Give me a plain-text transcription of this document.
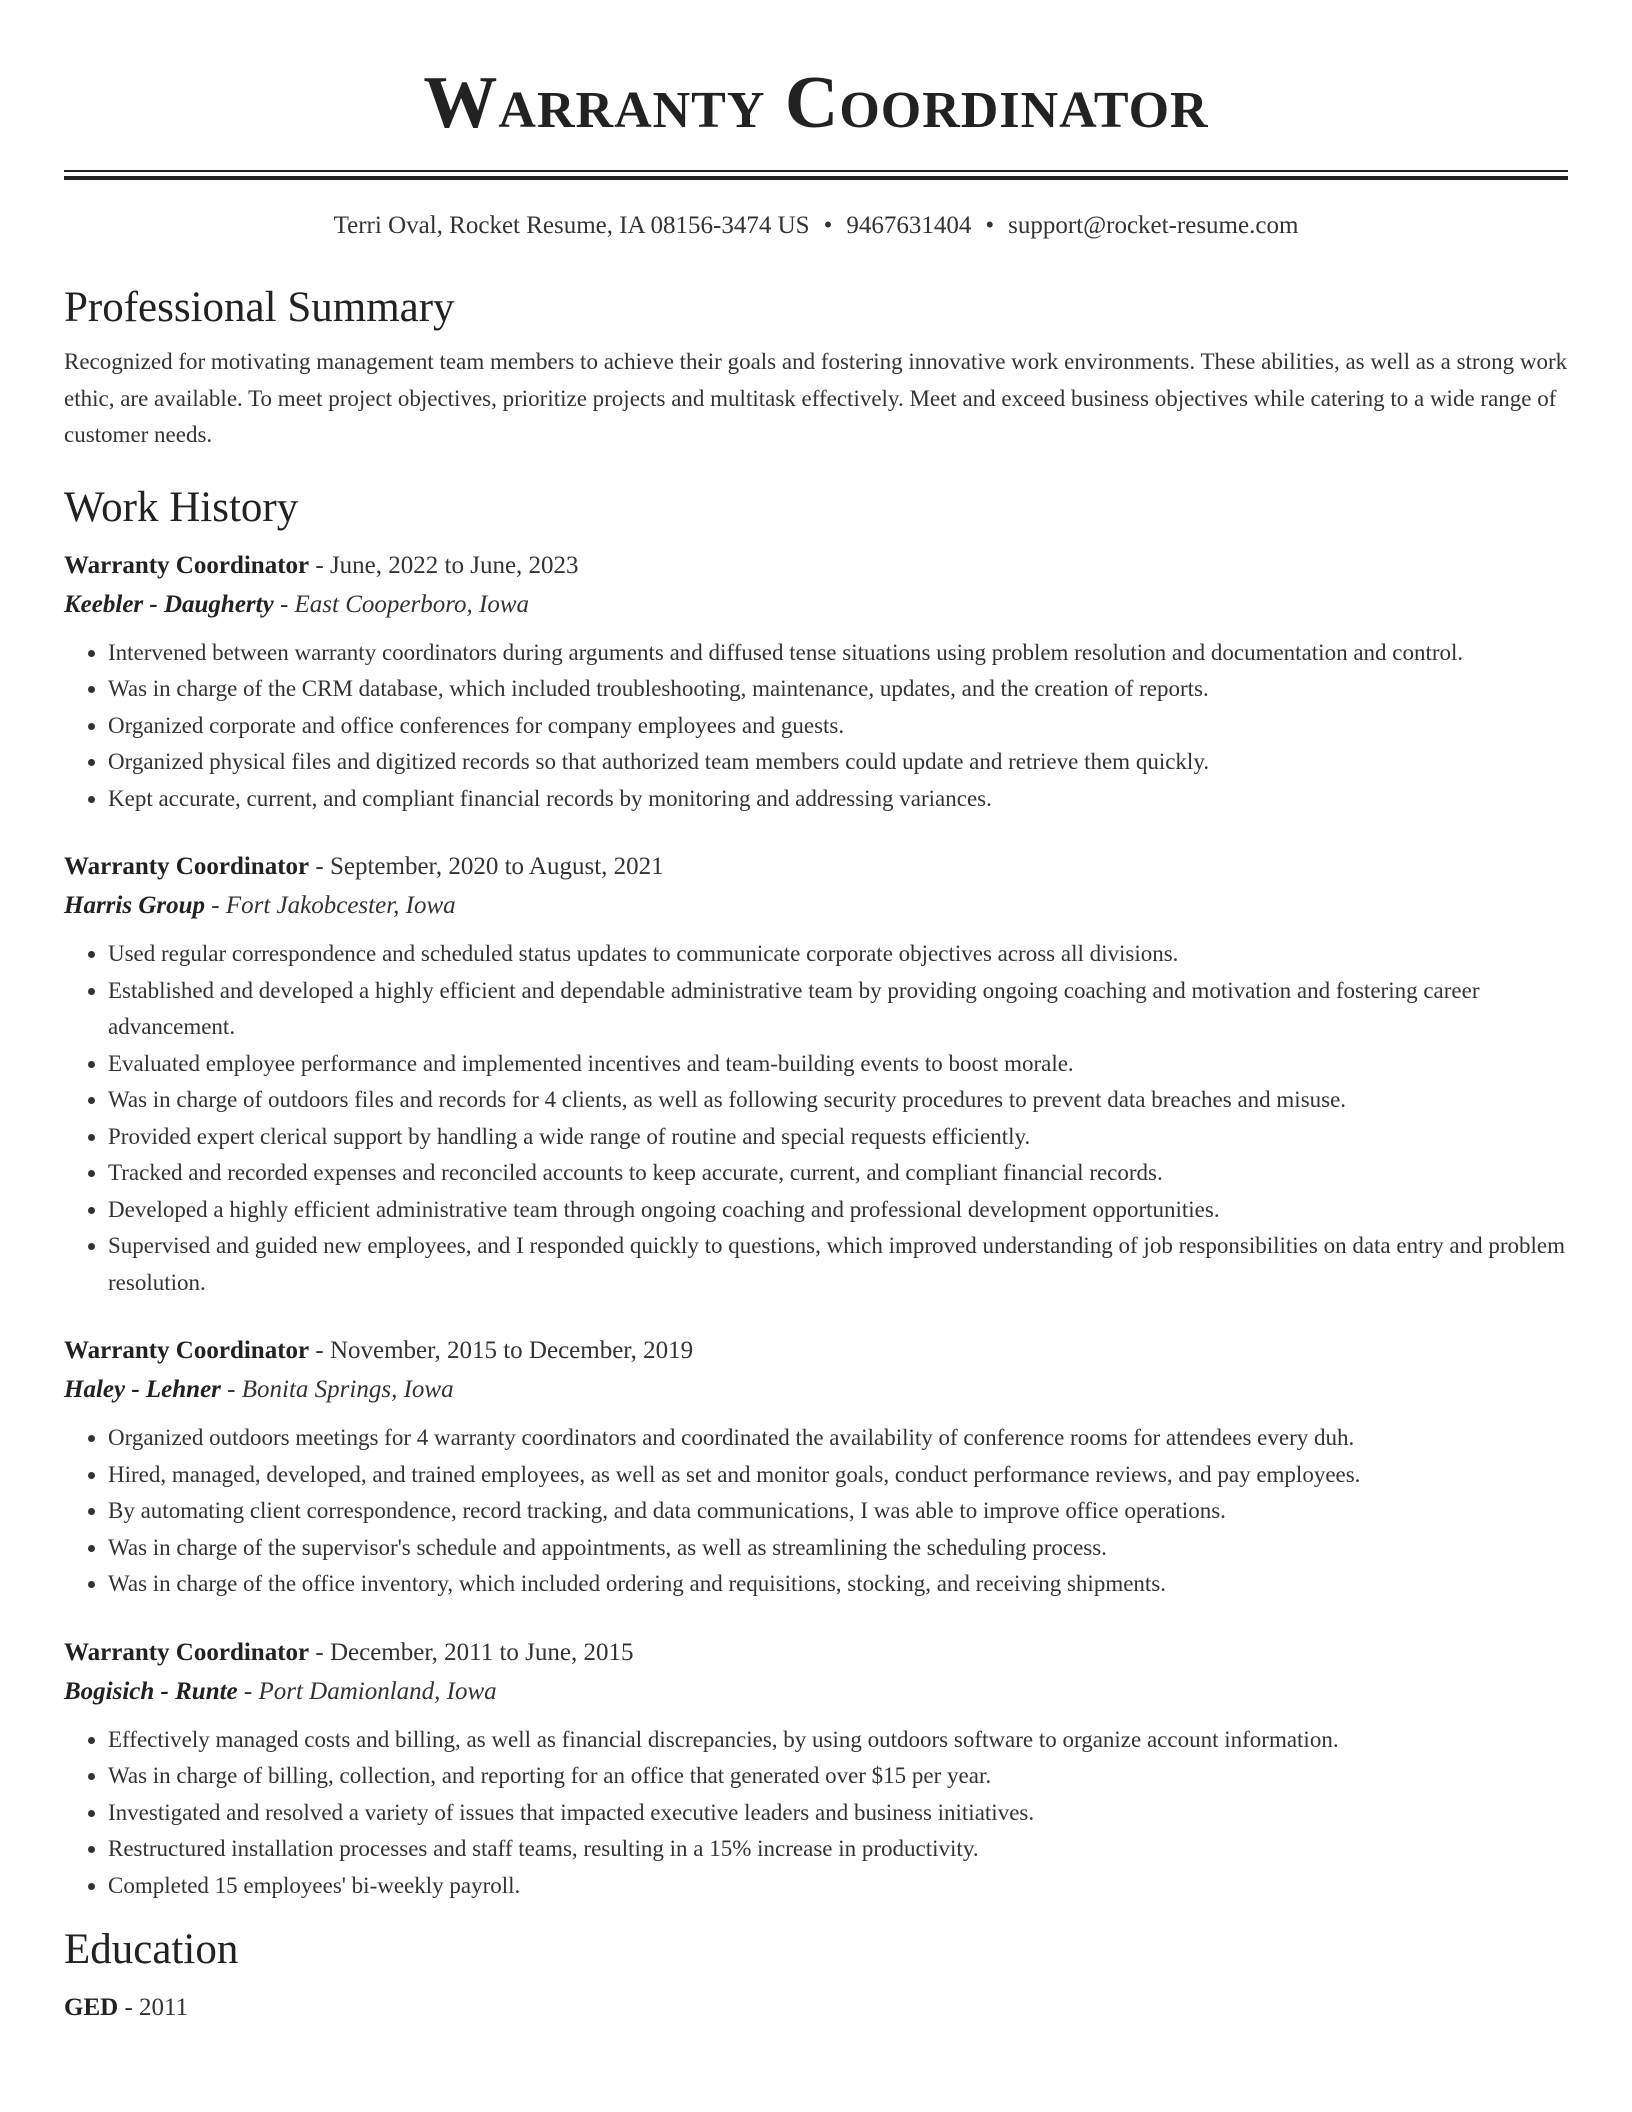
Warranty Coordinator
Terri Oval, Rocket Resume, IA 08156-3474 US • 9467631404 • support@rocket-resume.com
Professional Summary

Recognized for motivating management team members to achieve their goals and fostering innovative work environments. These abilities, as well as a strong work ethic, are available. To meet project objectives, prioritize projects and multitask effectively. Meet and exceed business objectives while catering to a wide range of customer needs.

Work History
Warranty Coordinator - June, 2022 to June, 2023
Keebler - Daugherty - East Cooperboro, Iowa
• Intervened between warranty coordinators during arguments and diffused tense situations using problem resolution and documentation and control.
• Was in charge of the CRM database, which included troubleshooting, maintenance, updates, and the creation of reports.
• Organized corporate and office conferences for company employees and guests.
• Organized physical files and digitized records so that authorized team members could update and retrieve them quickly.
• Kept accurate, current, and compliant financial records by monitoring and addressing variances.
Warranty Coordinator - September, 2020 to August, 2021
Harris Group - Fort Jakobcester, Iowa
• Used regular correspondence and scheduled status updates to communicate corporate objectives across all divisions.
• Established and developed a highly efficient and dependable administrative team by providing ongoing coaching and motivation and fostering career advancement.
• Evaluated employee performance and implemented incentives and team-building events to boost morale.
• Was in charge of outdoors files and records for 4 clients, as well as following security procedures to prevent data breaches and misuse.
• Provided expert clerical support by handling a wide range of routine and special requests efficiently.
• Tracked and recorded expenses and reconciled accounts to keep accurate, current, and compliant financial records.
• Developed a highly efficient administrative team through ongoing coaching and professional development opportunities.
• Supervised and guided new employees, and I responded quickly to questions, which improved understanding of job responsibilities on data entry and problem resolution.
Warranty Coordinator - November, 2015 to December, 2019
Haley - Lehner - Bonita Springs, Iowa
• Organized outdoors meetings for 4 warranty coordinators and coordinated the availability of conference rooms for attendees every duh.
• Hired, managed, developed, and trained employees, as well as set and monitor goals, conduct performance reviews, and pay employees.
• By automating client correspondence, record tracking, and data communications, I was able to improve office operations.
• Was in charge of the supervisor's schedule and appointments, as well as streamlining the scheduling process.
• Was in charge of the office inventory, which included ordering and requisitions, stocking, and receiving shipments.
Warranty Coordinator - December, 2011 to June, 2015
Bogisich - Runte - Port Damionland, Iowa
• Effectively managed costs and billing, as well as financial discrepancies, by using outdoors software to organize account information.
• Was in charge of billing, collection, and reporting for an office that generated over $15 per year.
• Investigated and resolved a variety of issues that impacted executive leaders and business initiatives.
• Restructured installation processes and staff teams, resulting in a 15% increase in productivity.
• Completed 15 employees' bi-weekly payroll.
Education
GED - 2011
